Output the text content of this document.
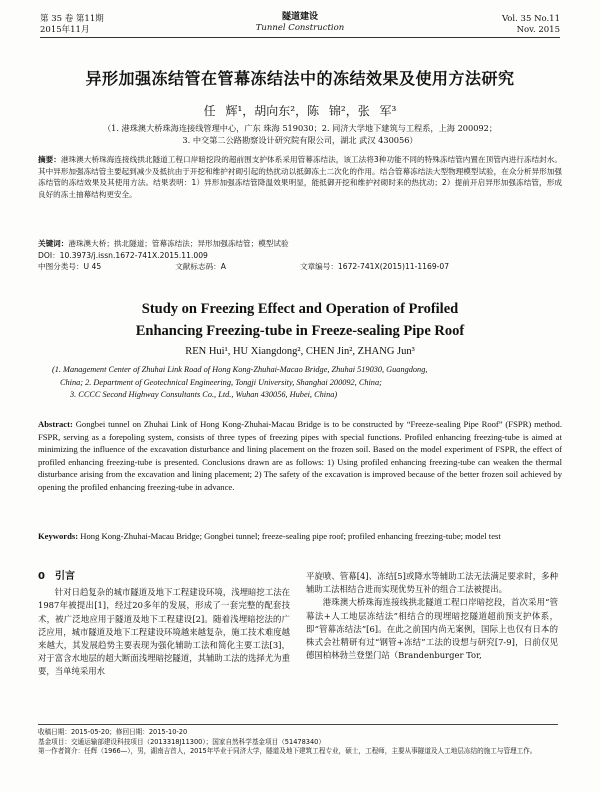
第 35 卷 第11期
2015年11月
隧道建设
Tunnel Construction
Vol. 35 No.11
Nov. 2015
异形加强冻结管在管幕冻结法中的冻结效果及使用方法研究
任 辉¹，胡向东²，陈 锦²，张 军³
（1. 港珠澳大桥珠海连接线管理中心，广东 珠海 519030；2. 同济大学地下建筑与工程系，上海 200092；
3. 中交第二公路勘察设计研究院有限公司，湖北 武汉 430056）
摘要：港珠澳大桥珠海连接线拱北隧道工程口岸暗挖段的超前围支护体系采用管幕冻结法，该工法将3种功能不同的特殊冻结管内置在顶管内进行冻结封水。其中异形加强冻结管主要起到减少及抵抗由于开挖和维护衬砌引起的热扰动以抵御冻土二次化的作用。结合管幕冻结法大型物理模型试验，在众分析异形加强冻结管的冻结效果及其使用方法。结果表明：1）异形加强冻结管降温效果明显，能抵御开挖和维护衬砌时来的热扰动；2）提前开启异形加强冻结管，形成良好的冻土抽幕结构更安全。
关键词：港珠澳大桥；拱北隧道；管幕冻结法；异形加强冻结管；模型试验
DOI：10.3973/j.issn.1672-741X.2015.11.009
中图分类号：U 45	文献标志码：A	文章编号：1672-741X(2015)11-1169-07
Study on Freezing Effect and Operation of Profiled
Enhancing Freezing-tube in Freeze-sealing Pipe Roof
REN Hui¹, HU Xiangdong², CHEN Jin², ZHANG Jun³
(1. Management Center of Zhuhai Link Road of Hong Kong-Zhuhai-Macao Bridge, Zhuhai 519030, Guangdong,
China; 2. Department of Geotechnical Engineering, Tongji University, Shanghai 200092, China;
3. CCCC Second Highway Consultants Co., Ltd., Wuhan 430056, Hubei, China)
Abstract: Gongbei tunnel on Zhuhai Link of Hong Kong-Zhuhai-Macau Bridge is to be constructed by “Freeze-sealing Pipe Roof” (FSPR) method. FSPR, serving as a forepoling system, consists of three types of freezing pipes with special functions. Profiled enhancing freezing-tube is aimed at minimizing the influence of the excavation disturbance and lining placement on the frozen soil. Based on the model experiment of FSPR, the effect of profiled enhancing freezing-tube is presented. Conclusions drawn are as follows: 1) Using profiled enhancing freezing-tube can weaken the thermal disturbance arising from the excavation and lining placement; 2) The safety of the excavation is improved because of the better frozen soil achieved by opening the profiled enhancing freezing-tube in advance.
Keywords: Hong Kong-Zhuhai-Macau Bridge; Gongbei tunnel; freeze-sealing pipe roof; profiled enhancing freezing-tube; model test
0 引言
针对日趋复杂的城市隧道及地下工程建设环境，浅埋暗挖工法在1987年被提出[1]，经过20多年的发展，形成了一套完整的配套技术，被广泛地应用于隧道及地下工程建设[2]。随着浅埋暗挖法的广泛应用，城市隧道及地下工程建设环境越来越复杂，施工技术难度越来越大，其发展趋势主要表现为强化辅助工法和简化主要工法[3]，对于富含水地层的超大断面浅埋暗挖隧道，其辅助工法的选择尤为重要，当单纯采用水
平旋喷、管幕[4]、冻结[5]或降水等辅助工法无法满足要求时，多种辅助工法相结合进而实现优势互补的组合工法被提出。
港珠澳大桥珠海连接线拱北隧道工程口岸暗挖段，首次采用“管幕法+人工地层冻结法”相结合的现埋暗挖隧道超前预支护体系，即“管幕冻结法”[6]。在此之前国内尚无案例，国际上也仅有日本的株式会社精研有过“钢管+冻结”工法的设想与研究[7-9]，日前仅见德国柏林勃兰登堡门站（Brandenburger Tor,
收稿日期：2015-05-20；修回日期：2015-10-20
基金项目：交通运输部建设科技项目（2013318J11300）；国家自然科学基金项目（51478340）
第一作者简介：任辉（1966—），男，湖南吉首人，2015年毕业于同济大学，隧道及地下建筑工程专业，硕士，工程师，主要从事隧道及人工地层冻结的施工与管理工作。
